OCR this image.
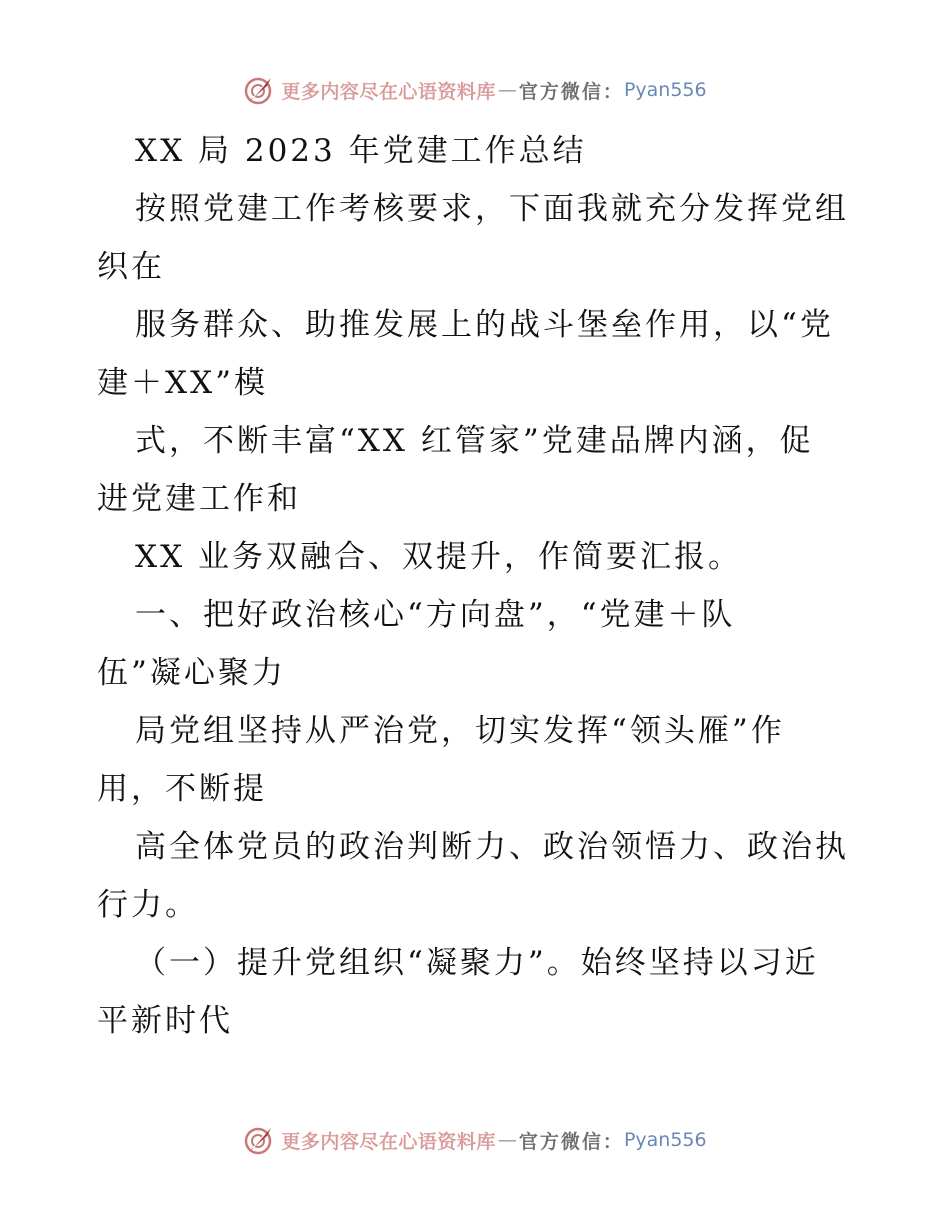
更多内容尽在心语资料库 — 官方微信： Pyan556
XX 局 2023 年党建工作总结
按照党建工作考核要求，下面我就充分发挥党组
织在
服务群众、助推发展上的战斗堡垒作用，以“党
建＋XX”模
式，不断丰富“XX 红管家”党建品牌内涵，促
进党建工作和
XX 业务双融合、双提升，作简要汇报。
一、把好政治核心“方向盘”，“党建＋队
伍”凝心聚力
局党组坚持从严治党，切实发挥“领头雁”作
用，不断提
高全体党员的政治判断力、政治领悟力、政治执
行力。
（一）提升党组织“凝聚力”。始终坚持以习近
平新时代
更多内容尽在心语资料库 — 官方微信： Pyan556
